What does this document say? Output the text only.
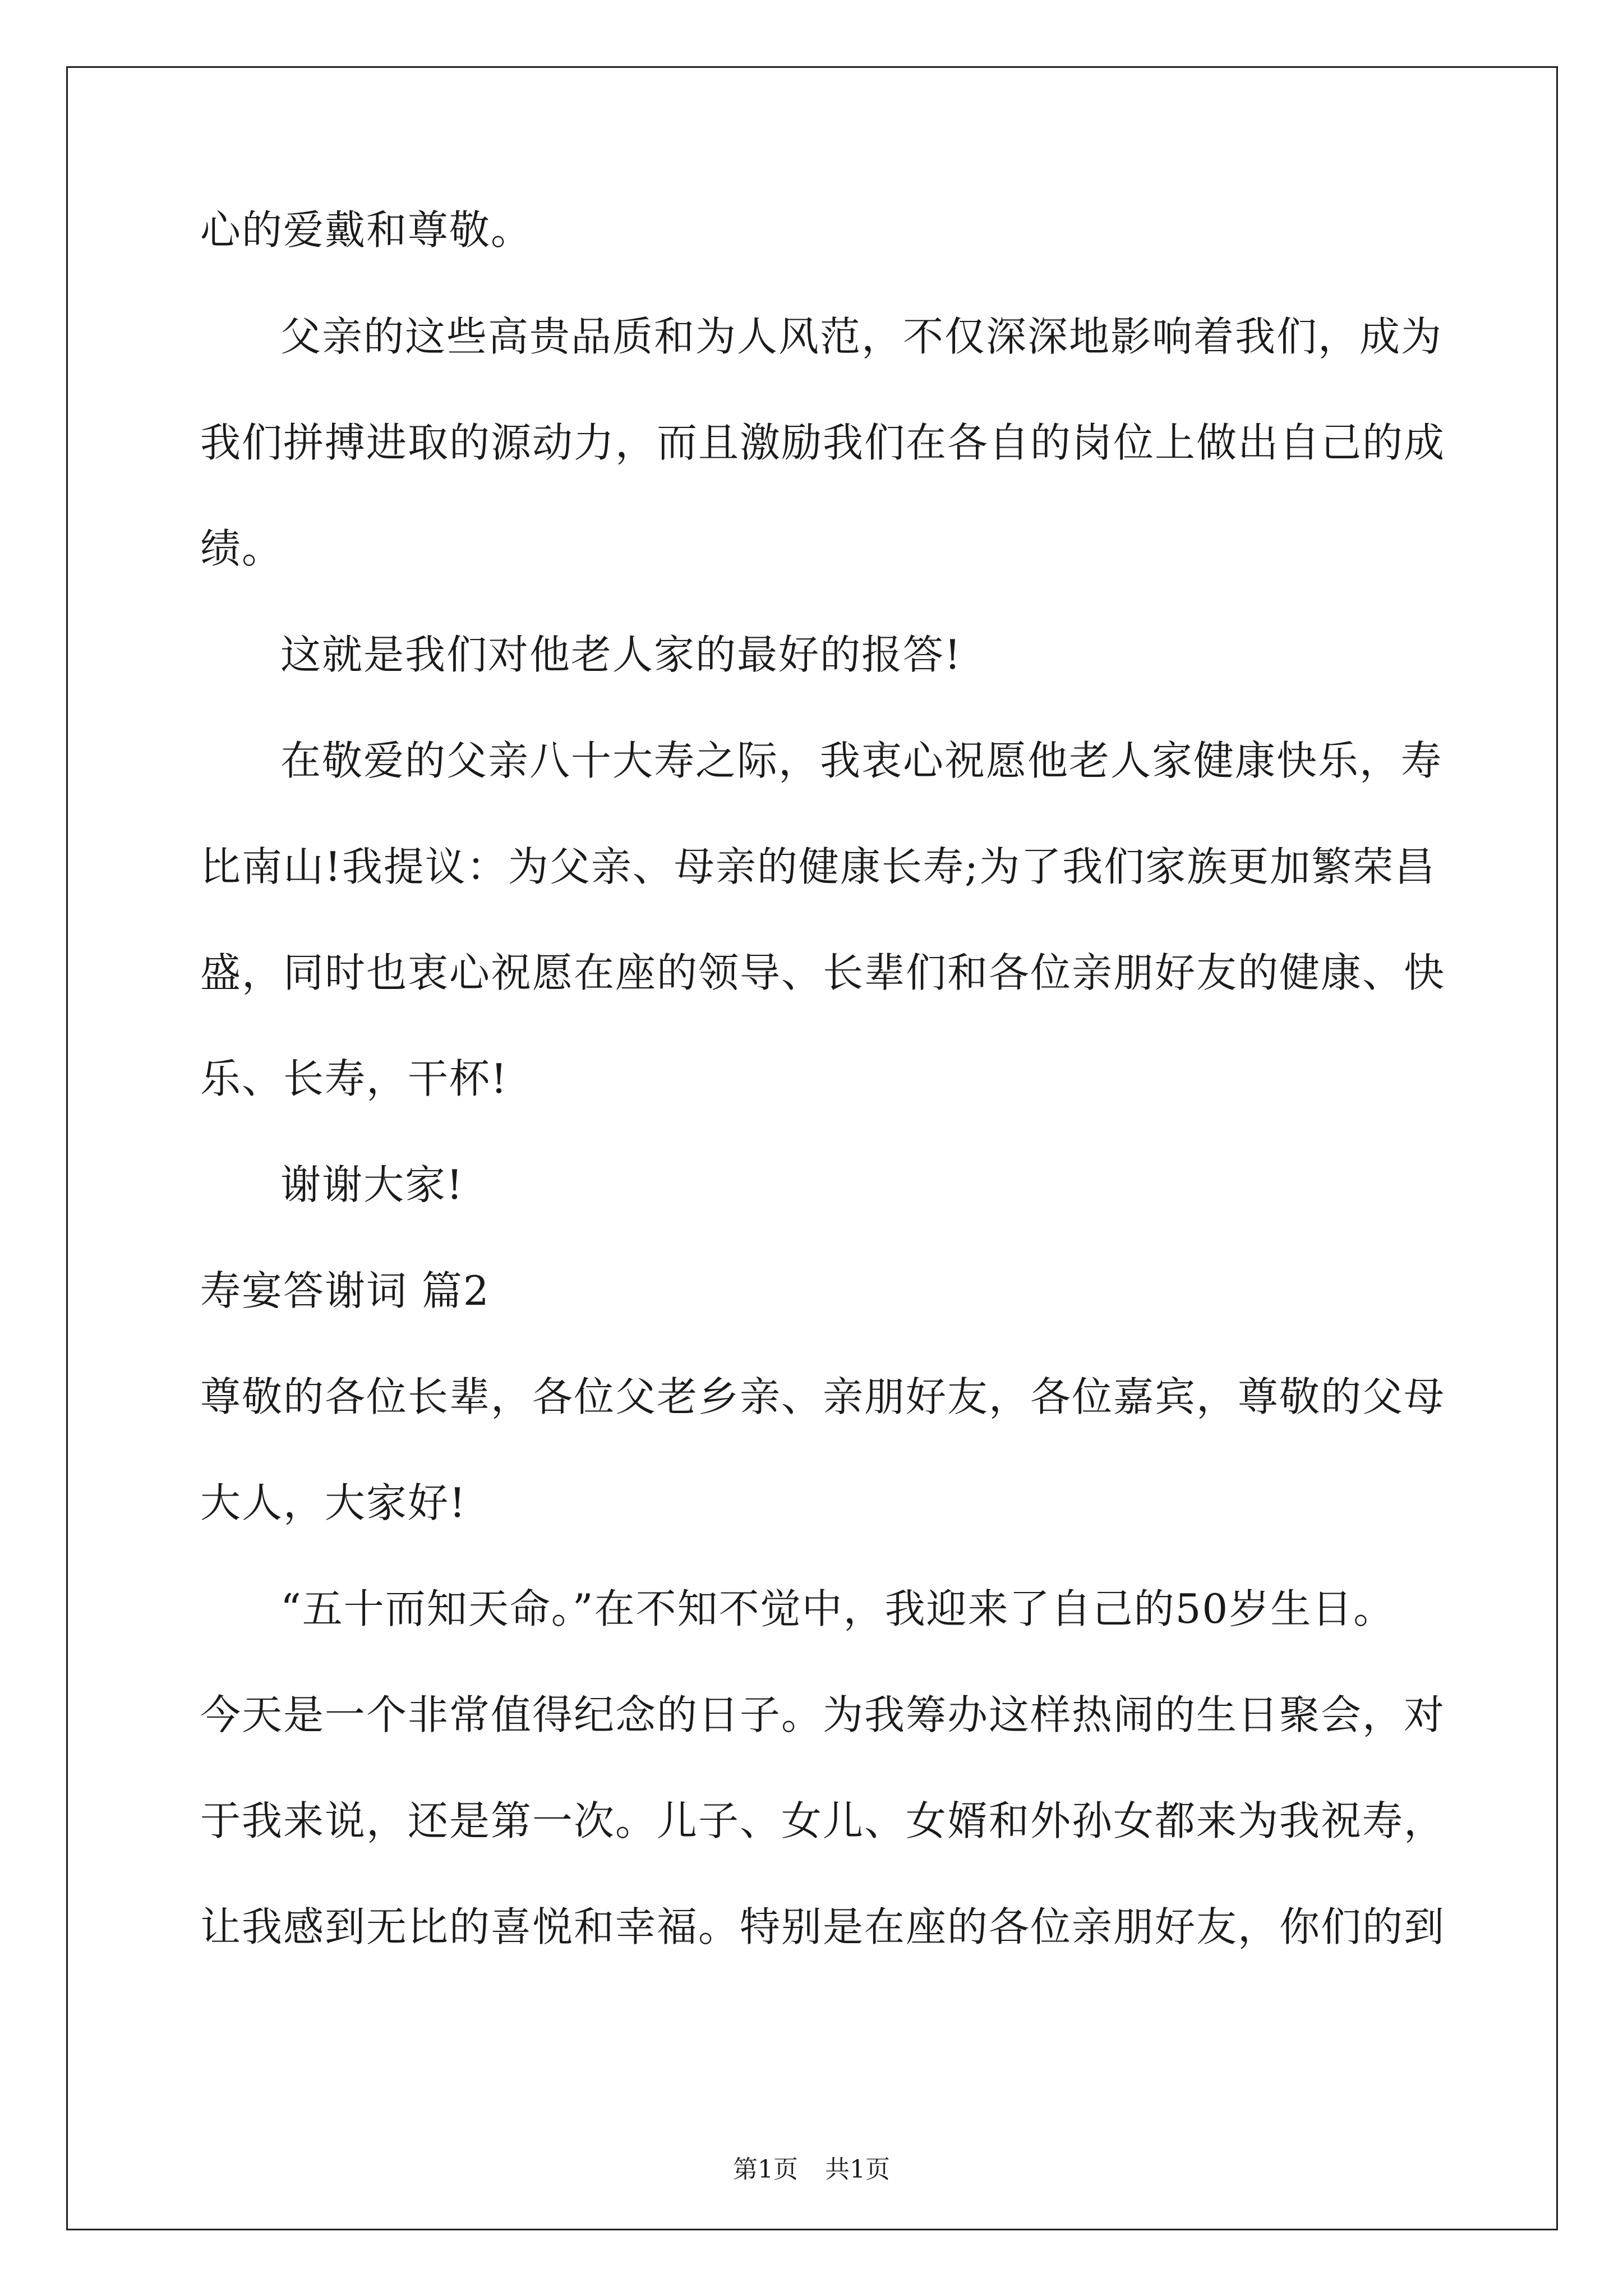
心的爱戴和尊敬。
父亲的这些高贵品质和为人风范，不仅深深地影响着我们，成为
我们拼搏进取的源动力，而且激励我们在各自的岗位上做出自己的成
绩。
这就是我们对他老人家的最好的报答!
在敬爱的父亲八十大寿之际，我衷心祝愿他老人家健康快乐，寿
比南山!我提议：为父亲、母亲的健康长寿;为了我们家族更加繁荣昌
盛，同时也衷心祝愿在座的领导、长辈们和各位亲朋好友的健康、快
乐、长寿，干杯!
谢谢大家!
寿宴答谢词 篇2
尊敬的各位长辈，各位父老乡亲、亲朋好友，各位嘉宾，尊敬的父母
大人，大家好!
“五十而知天命。”在不知不觉中，我迎来了自己的50岁生日。
今天是一个非常值得纪念的日子。为我筹办这样热闹的生日聚会，对
于我来说，还是第一次。儿子、女儿、女婿和外孙女都来为我祝寿，
让我感到无比的喜悦和幸福。特别是在座的各位亲朋好友，你们的到
第1页 共1页
